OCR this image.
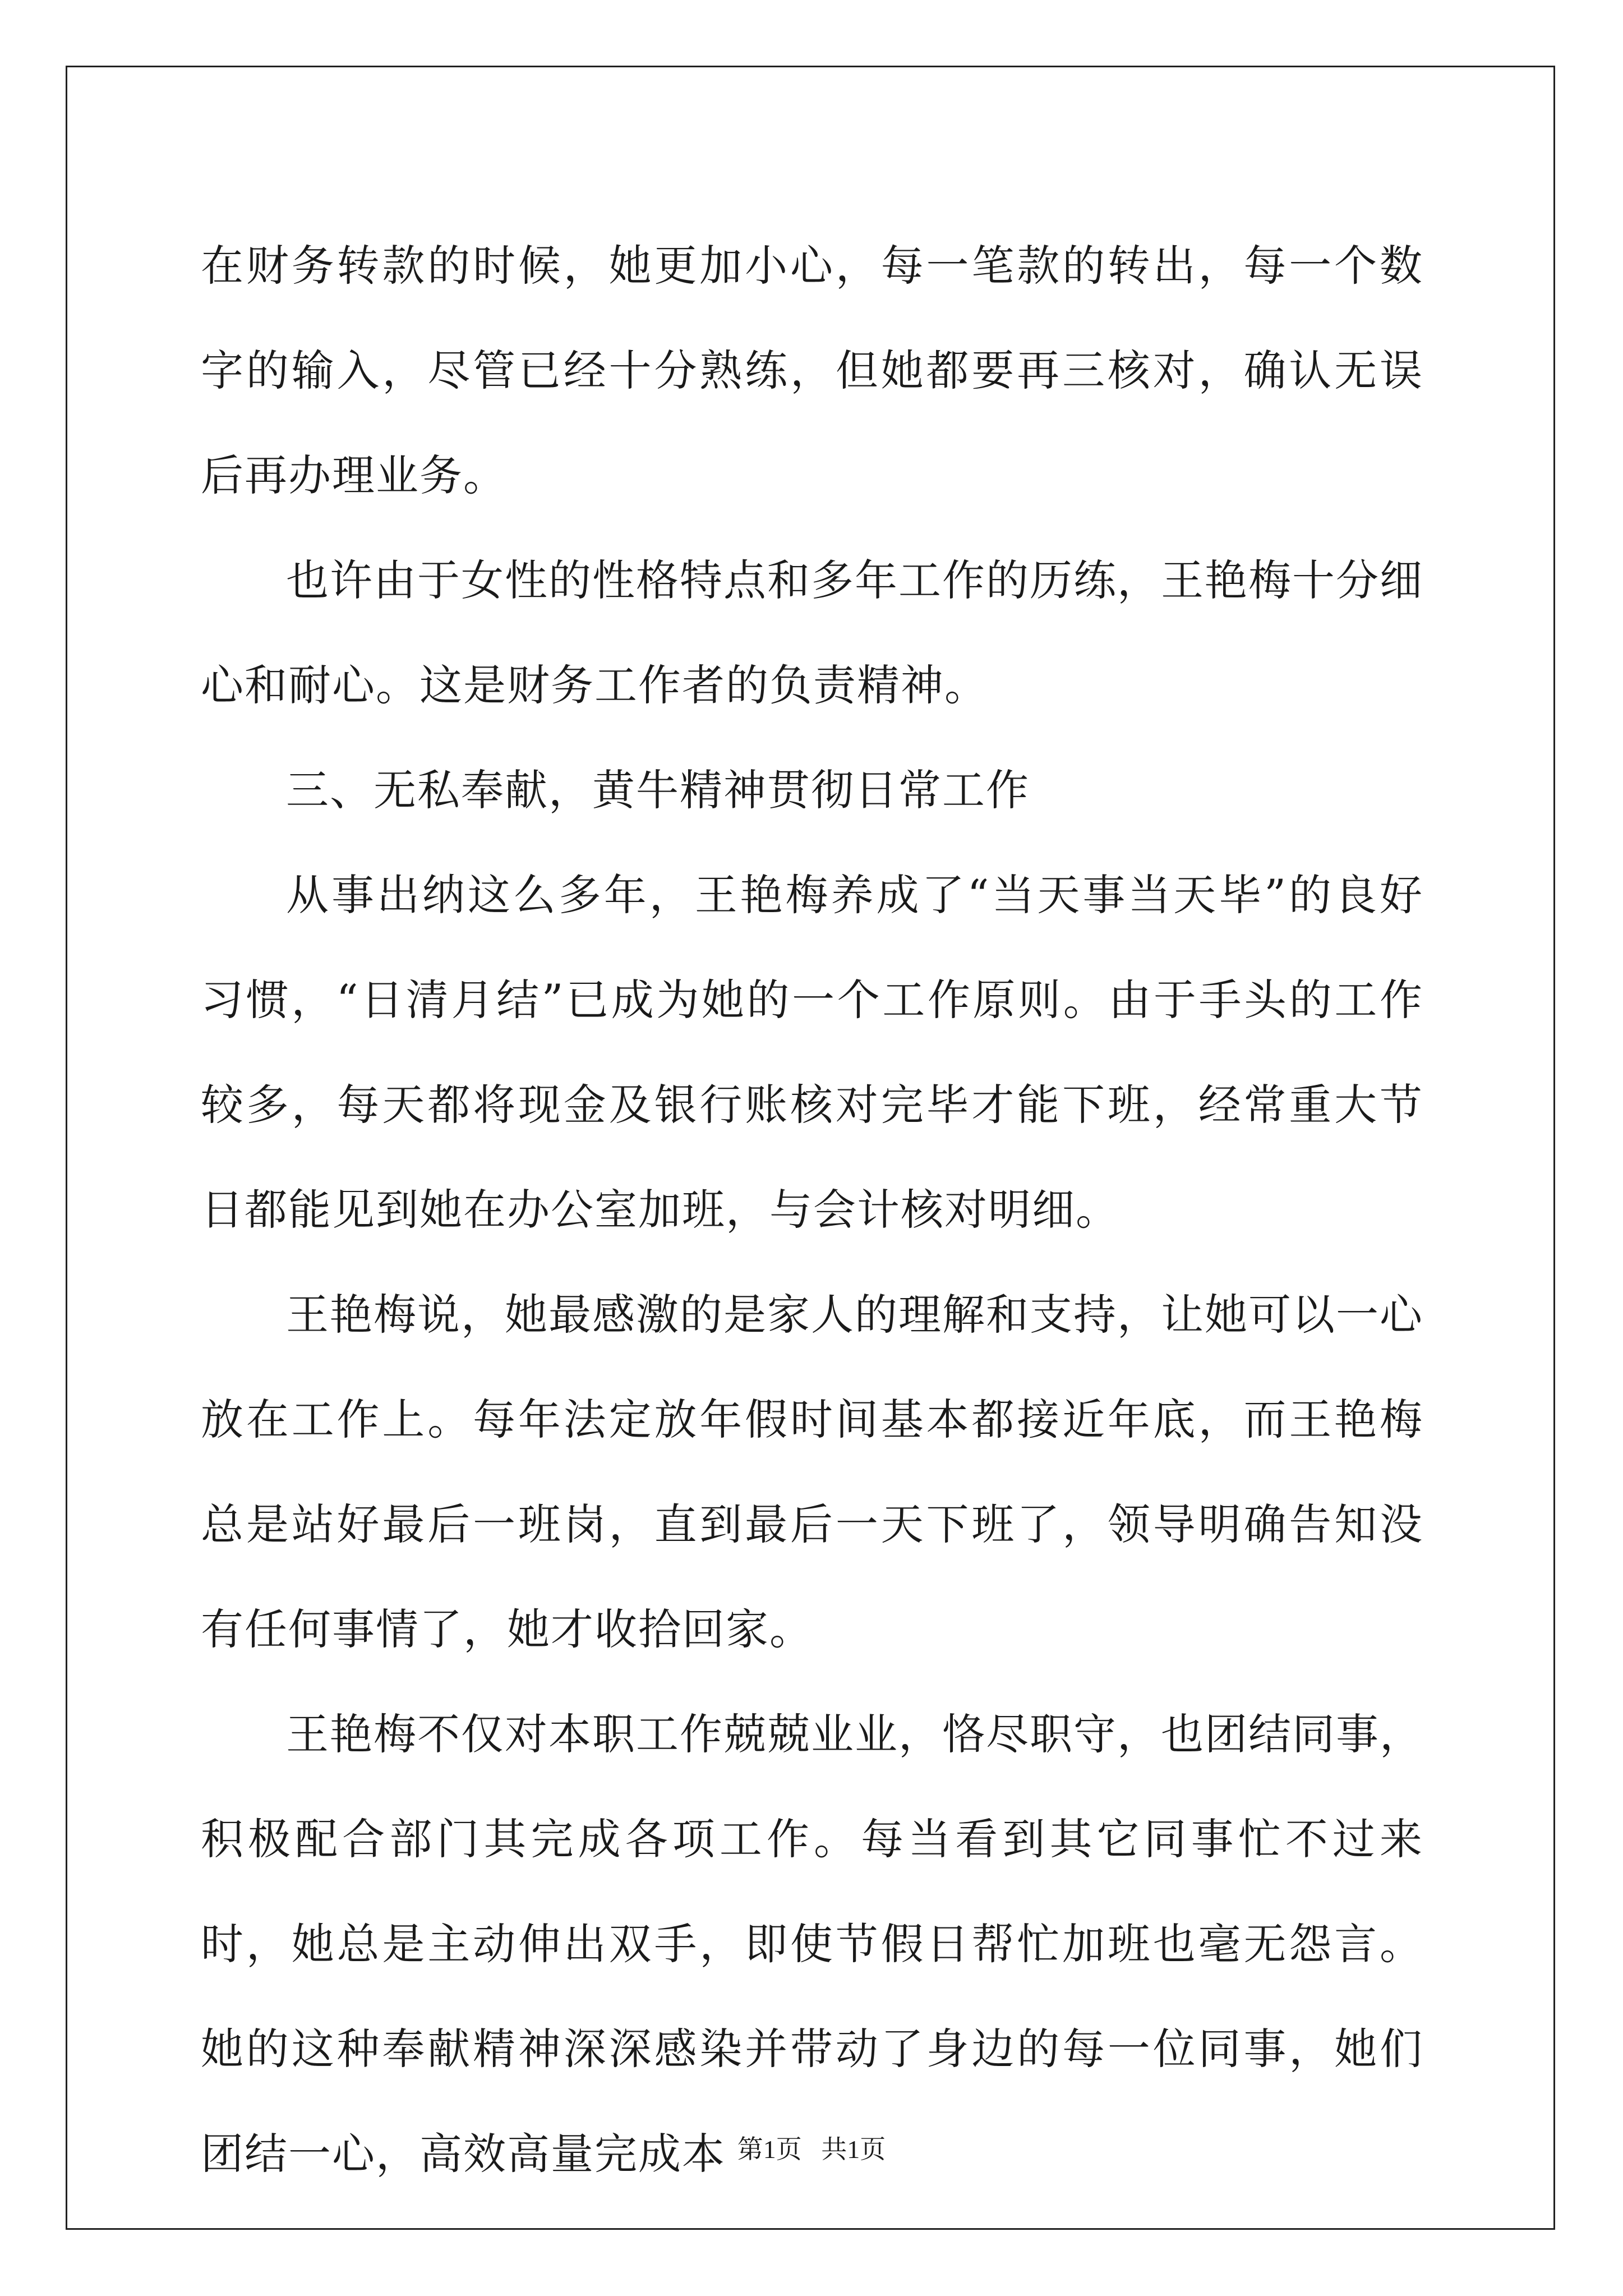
在财务转款的时候，她更加小心，每一笔款的转出，每一个数字的输入，尽管已经十分熟练，但她都要再三核对，确认无误后再办理业务。

也许由于女性的性格特点和多年工作的历练，王艳梅十分细心和耐心。这是财务工作者的负责精神。

三、无私奉献，黄牛精神贯彻日常工作

从事出纳这么多年，王艳梅养成了“当天事当天毕”的良好习惯，“日清月结”已成为她的一个工作原则。由于手头的工作较多，每天都将现金及银行账核对完毕才能下班，经常重大节日都能见到她在办公室加班，与会计核对明细。

王艳梅说，她最感激的是家人的理解和支持，让她可以一心放在工作上。每年法定放年假时间基本都接近年底，而王艳梅总是站好最后一班岗，直到最后一天下班了，领导明确告知没有任何事情了，她才收拾回家。

王艳梅不仅对本职工作兢兢业业，恪尽职守，也团结同事，积极配合部门其完成各项工作。每当看到其它同事忙不过来时，她总是主动伸出双手，即使节假日帮忙加班也毫无怨言。她的这种奉献精神深深感染并带动了身边的每一位同事，她们团结一心，高效高量完成本 第1页 共1页
